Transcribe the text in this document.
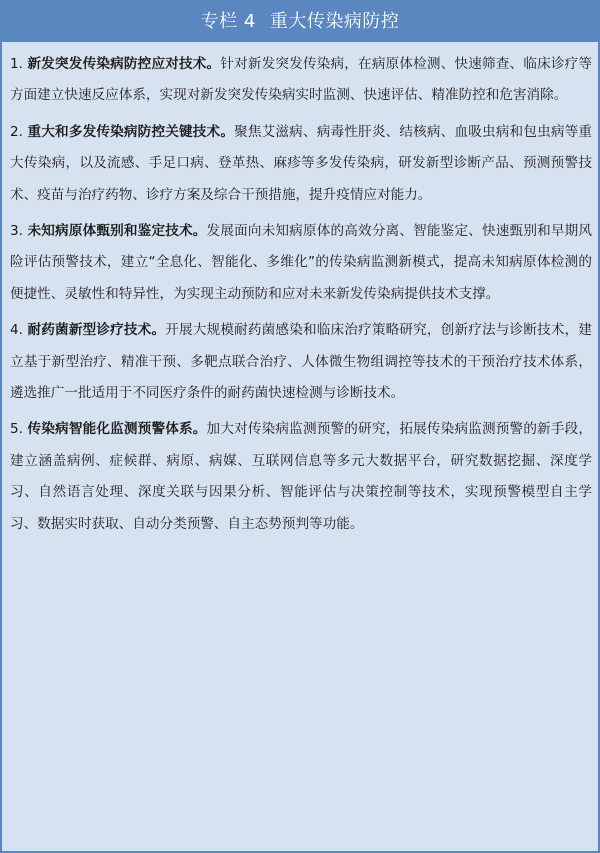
专栏 4 重大传染病防控

1. 新发突发传染病防控应对技术。针对新发突发传染病，在病原体检测、快速筛查、临床诊疗等方面建立快速反应体系，实现对新发突发传染病实时监测、快速评估、精准防控和危害消除。

2. 重大和多发传染病防控关键技术。聚焦艾滋病、病毒性肝炎、结核病、血吸虫病和包虫病等重大传染病，以及流感、手足口病、登革热、麻疹等多发传染病，研发新型诊断产品、预测预警技术、疫苗与治疗药物、诊疗方案及综合干预措施，提升疫情应对能力。

3. 未知病原体甄别和鉴定技术。发展面向未知病原体的高效分离、智能鉴定、快速甄别和早期风险评估预警技术，建立“全息化、智能化、多维化”的传染病监测新模式，提高未知病原体检测的便捷性、灵敏性和特异性，为实现主动预防和应对未来新发传染病提供技术支撑。

4. 耐药菌新型诊疗技术。开展大规模耐药菌感染和临床治疗策略研究，创新疗法与诊断技术，建立基于新型治疗、精准干预、多靶点联合治疗、人体微生物组调控等技术的干预治疗技术体系，遴选推广一批适用于不同医疗条件的耐药菌快速检测与诊断技术。

5. 传染病智能化监测预警体系。加大对传染病监测预警的研究，拓展传染病监测预警的新手段，建立涵盖病例、症候群、病原、病媒、互联网信息等多元大数据平台，研究数据挖掘、深度学习、自然语言处理、深度关联与因果分析、智能评估与决策控制等技术，实现预警模型自主学习、数据实时获取、自动分类预警、自主态势预判等功能。
